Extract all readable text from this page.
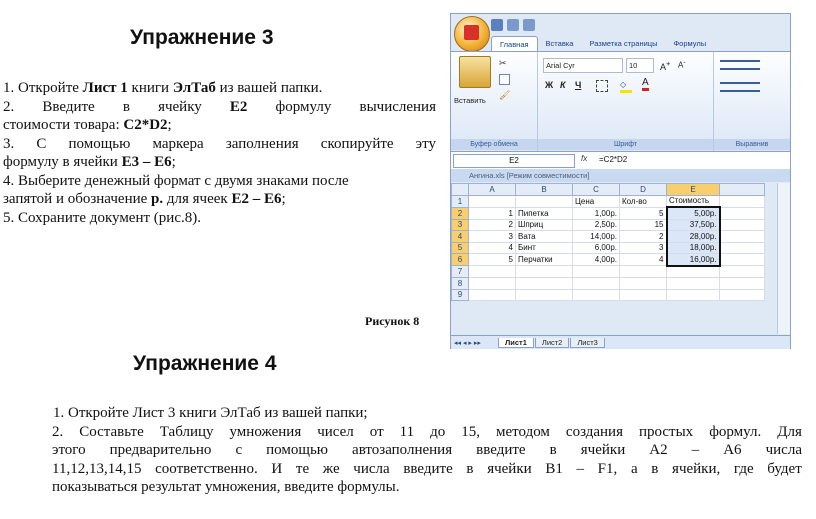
Упражнение 3
1. Откройте Лист 1 книги ЭлТаб из вашей папки.
2. Введите в ячейку E2 формулу вычисления
стоимости товара: C2*D2;
3. С помощью маркера заполнения скопируйте эту
формулу в ячейки E3 – E6;
4. Выберите денежный формат с двумя знаками после
запятой и обозначение р. для ячеек E2 – E6;
5. Сохраните документ (рис.8).
Рисунок 8
Главная	Вставка	Разметка страницы	Формулы
Вставить
✂
🖌
Буфер обмена
Arial Cyr	10	A+ A-
Ж К Ч	◇	A
Шрифт	Выравнив
E2	fx =C2*D2
Ангина.xls [Режим совместимости]
	A	B	C	D	E	
1			Цена	Кол-во	Стоимость	
2	1	Пипетка	1,00р.	5	5,00р.	
3	2	Шприц	2,50р.	15	37,50р.	
4	3	Вата	14,00р.	2	28,00р.	
5	4	Бинт	6,00р.	3	18,00р.	
6	5	Перчатки	4,00р.	4	16,00р.	
7						
8						
9						
◂◂ ◂ ▸ ▸▸	Лист1	Лист2	Лист3
Упражнение 4
1. Откройте Лист 3 книги ЭлТаб из вашей папки;
2. Составьте Таблицу умножения чисел от 11 до 15, методом создания простых формул. Для
этого предварительно с помощью автозаполнения введите в ячейки А2 – А6 числа
11,12,13,14,15 соответственно. И те же числа введите в ячейки В1 – F1, а в ячейки, где будет
показываться результат умножения, введите формулы.
